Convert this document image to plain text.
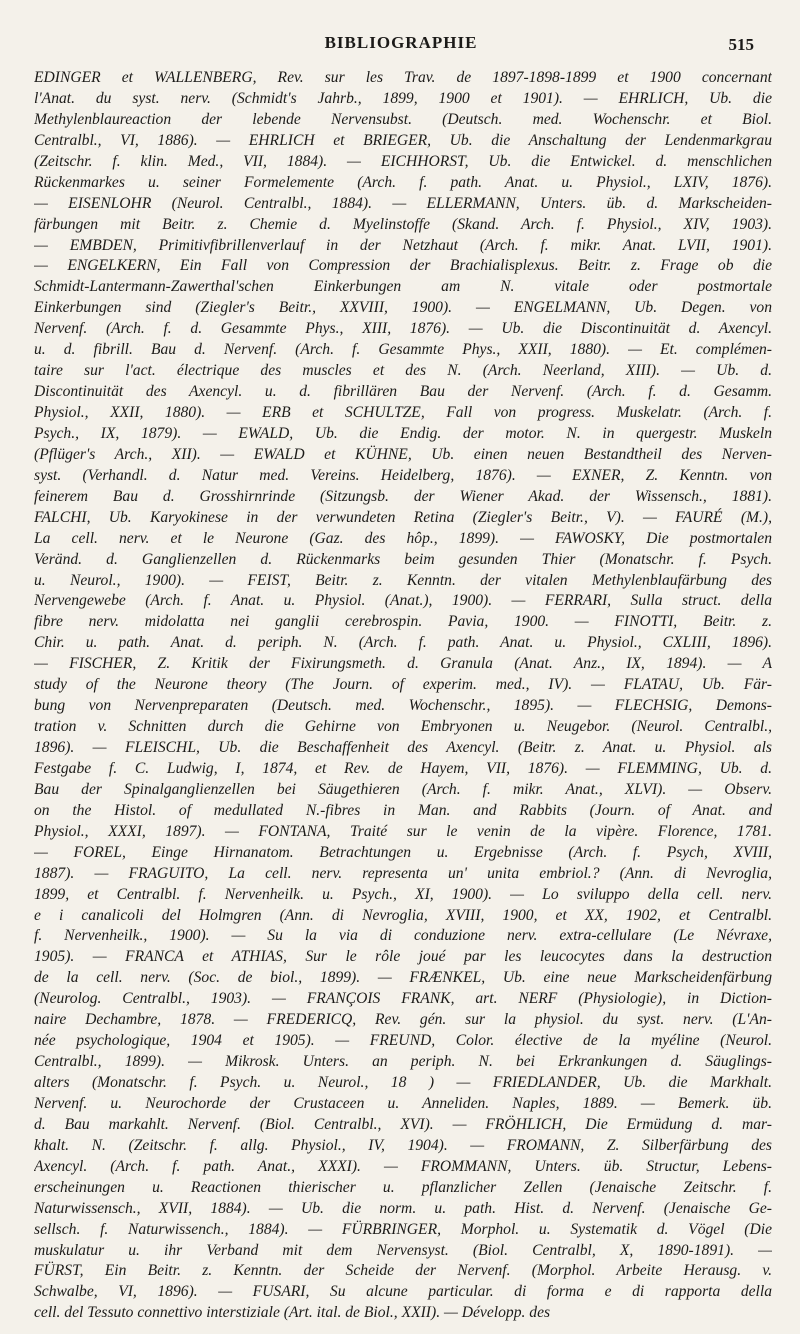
BIBLIOGRAPHIE	515
EDINGER et WALLENBERG, Rev. sur les Trav. de 1897-1898-1899 et 1900 concernant
l'Anat. du syst. nerv. (Schmidt's Jahrb., 1899, 1900 et 1901). — EHRLICH, Ub. die
Methylenblaureaction der lebende Nervensubst. (Deutsch. med. Wochenschr. et Biol.
Centralbl., VI, 1886). — EHRLICH et BRIEGER, Ub. die Anschaltung der Lendenmarkgrau
(Zeitschr. f. klin. Med., VII, 1884). — EICHHORST, Ub. die Entwickel. d. menschlichen
Rückenmarkes u. seiner Formelemente (Arch. f. path. Anat. u. Physiol., LXIV, 1876).
— EISENLOHR (Neurol. Centralbl., 1884). — ELLERMANN, Unters. üb. d. Markscheiden-
färbungen mit Beitr. z. Chemie d. Myelinstoffe (Skand. Arch. f. Physiol., XIV, 1903).
— EMBDEN, Primitivfibrillenverlauf in der Netzhaut (Arch. f. mikr. Anat. LVII, 1901).
— ENGELKERN, Ein Fall von Compression der Brachialisplexus. Beitr. z. Frage ob die
Schmidt-Lantermann-Zawerthal'schen Einkerbungen am N. vitale oder postmortale
Einkerbungen sind (Ziegler's Beitr., XXVIII, 1900). — ENGELMANN, Ub. Degen. von
Nervenf. (Arch. f. d. Gesammte Phys., XIII, 1876). — Ub. die Discontinuität d. Axencyl.
u. d. fibrill. Bau d. Nervenf. (Arch. f. Gesammte Phys., XXII, 1880). — Et. complémen-
taire sur l'act. électrique des muscles et des N. (Arch. Neerland, XIII). — Ub. d.
Discontinuität des Axencyl. u. d. fibrillären Bau der Nervenf. (Arch. f. d. Gesamm.
Physiol., XXII, 1880). — ERB et SCHULTZE, Fall von progress. Muskelatr. (Arch. f.
Psych., IX, 1879). — EWALD, Ub. die Endig. der motor. N. in quergestr. Muskeln
(Pflüger's Arch., XII). — EWALD et KÜHNE, Ub. einen neuen Bestandtheil des Nerven-
syst. (Verhandl. d. Natur med. Vereins. Heidelberg, 1876). — EXNER, Z. Kenntn. von
feinerem Bau d. Grosshirnrinde (Sitzungsb. der Wiener Akad. der Wissensch., 1881).
FALCHI, Ub. Karyokinese in der verwundeten Retina (Ziegler's Beitr., V). — FAURÉ (M.),
La cell. nerv. et le Neurone (Gaz. des hôp., 1899). — FAWOSKY, Die postmortalen
Veränd. d. Ganglienzellen d. Rückenmarks beim gesunden Thier (Monatschr. f. Psych.
u. Neurol., 1900). — FEIST, Beitr. z. Kenntn. der vitalen Methylenblaufärbung des
Nervengewebe (Arch. f. Anat. u. Physiol. (Anat.), 1900). — FERRARI, Sulla struct. della
fibre nerv. midolatta nei ganglii cerebrospin. Pavia, 1900. — FINOTTI, Beitr. z.
Chir. u. path. Anat. d. periph. N. (Arch. f. path. Anat. u. Physiol., CXLIII, 1896).
— FISCHER, Z. Kritik der Fixirungsmeth. d. Granula (Anat. Anz., IX, 1894). — A
study of the Neurone theory (The Journ. of experim. med., IV). — FLATAU, Ub. Fär-
bung von Nervenpreparaten (Deutsch. med. Wochenschr., 1895). — FLECHSIG, Demons-
tration v. Schnitten durch die Gehirne von Embryonen u. Neugebor. (Neurol. Centralbl.,
1896). — FLEISCHL, Ub. die Beschaffenheit des Axencyl. (Beitr. z. Anat. u. Physiol. als
Festgabe f. C. Ludwig, I, 1874, et Rev. de Hayem, VII, 1876). — FLEMMING, Ub. d.
Bau der Spinalganglienzellen bei Säugethieren (Arch. f. mikr. Anat., XLVI). — Observ.
on the Histol. of medullated N.-fibres in Man. and Rabbits (Journ. of Anat. and
Physiol., XXXI, 1897). — FONTANA, Traité sur le venin de la vipère. Florence, 1781.
— FOREL, Einge Hirnanatom. Betrachtungen u. Ergebnisse (Arch. f. Psych, XVIII,
1887). — FRAGUITO, La cell. nerv. representa un' unita embriol.? (Ann. di Nevroglia,
1899, et Centralbl. f. Nervenheilk. u. Psych., XI, 1900). — Lo sviluppo della cell. nerv.
e i canalicoli del Holmgren (Ann. di Nevroglia, XVIII, 1900, et XX, 1902, et Centralbl.
f. Nervenheilk., 1900). — Su la via di conduzione nerv. extra-cellulare (Le Névraxe,
1905). — FRANCA et ATHIAS, Sur le rôle joué par les leucocytes dans la destruction
de la cell. nerv. (Soc. de biol., 1899). — FRÆNKEL, Ub. eine neue Markscheidenfärbung
(Neurolog. Centralbl., 1903). — FRANÇOIS FRANK, art. NERF (Physiologie), in Diction-
naire Dechambre, 1878. — FREDERICQ, Rev. gén. sur la physiol. du syst. nerv. (L'An-
née psychologique, 1904 et 1905). — FREUND, Color. élective de la myéline (Neurol.
Centralbl., 1899). — Mikrosk. Unters. an periph. N. bei Erkrankungen d. Säuglings-
alters (Monatschr. f. Psych. u. Neurol., 18 ) — FRIEDLANDER, Ub. die Markhalt.
Nervenf. u. Neurochorde der Crustaceen u. Anneliden. Naples, 1889. — Bemerk. üb.
d. Bau markahlt. Nervenf. (Biol. Centralbl., XVI). — FRÖHLICH, Die Ermüdung d. mar-
khalt. N. (Zeitschr. f. allg. Physiol., IV, 1904). — FROMANN, Z. Silberfärbung des
Axencyl. (Arch. f. path. Anat., XXXI). — FROMMANN, Unters. üb. Structur, Lebens-
erscheinungen u. Reactionen thierischer u. pflanzlicher Zellen (Jenaische Zeitschr. f.
Naturwissensch., XVII, 1884). — Ub. die norm. u. path. Hist. d. Nervenf. (Jenaische Ge-
sellsch. f. Naturwissench., 1884). — FÜRBRINGER, Morphol. u. Systematik d. Vögel (Die
muskulatur u. ihr Verband mit dem Nervensyst. (Biol. Centralbl, X, 1890-1891). —
FÜRST, Ein Beitr. z. Kenntn. der Scheide der Nervenf. (Morphol. Arbeite Herausg. v.
Schwalbe, VI, 1896). — FUSARI, Su alcune particular. di forma e di rapporta della
cell. del Tessuto connettivo interstiziale (Art. ital. de Biol., XXII). — Développ. des
